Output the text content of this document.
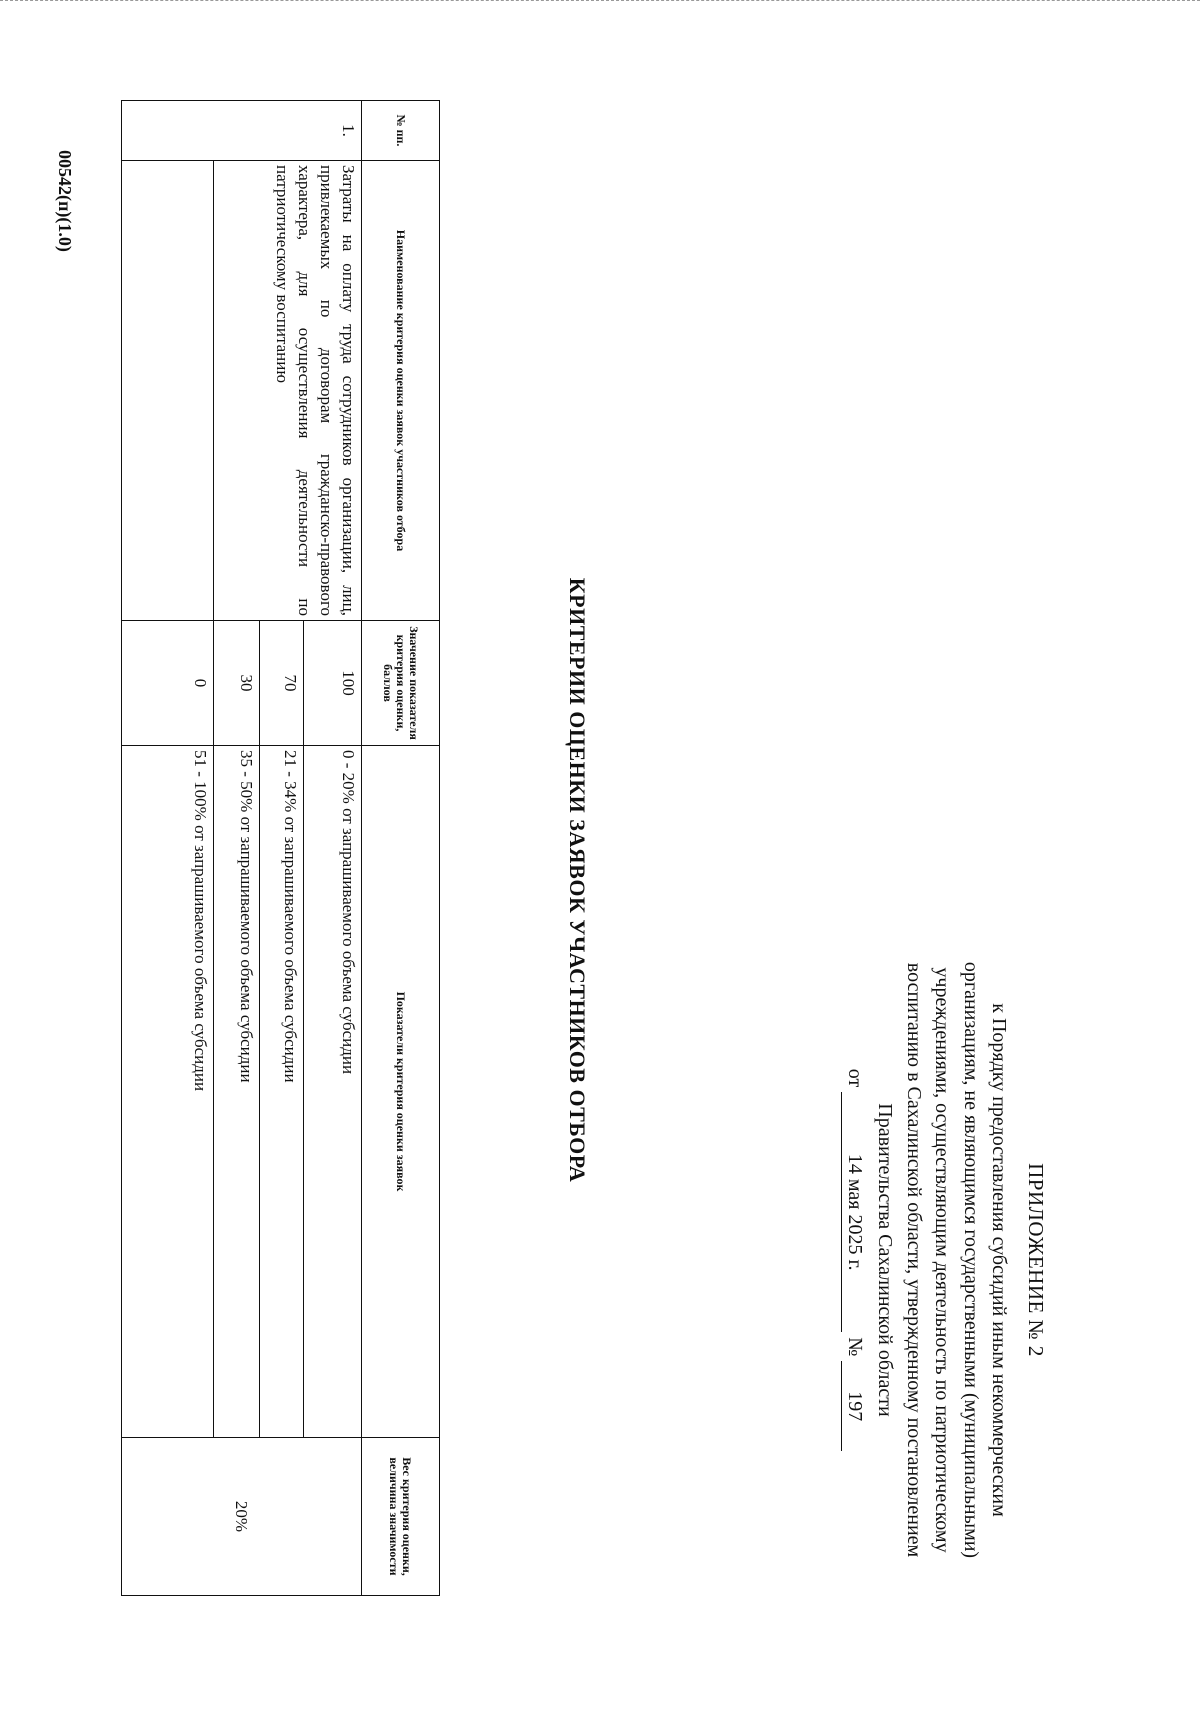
ПРИЛОЖЕНИЕ № 2
к Порядку предоставления субсидий иным некоммерческим организациям, не являющимся государственными (муниципальными) учреждениями, осуществляющим деятельность по патриотическому воспитанию в Сахалинской области, утвержденному постановлением Правительства Сахалинской области
от 14 мая 2025 г. № 197
КРИТЕРИИ ОЦЕНКИ ЗАЯВОК УЧАСТНИКОВ ОТБОРА
№ пп.	Наименование критерия оценки заявок участников отбора	Значение показателя критерия оценки, баллов	Показатели критерия оценки заявок	Вес критерия оценки, величина значимости
1.	Затраты на оплату труда сотрудников организации, лиц, привлекаемых по договорам гражданско-правового характера, для осуществления деятельности по патриотическому воспитанию	100	0 - 20% от запрашиваемого объема субсидии	20%
		70	21 - 34% от запрашиваемого объема субсидии	
		30	35 - 50% от запрашиваемого объема субсидии	
		0	51 - 100% от запрашиваемого объема субсидии	
00542(п)(1.0)
